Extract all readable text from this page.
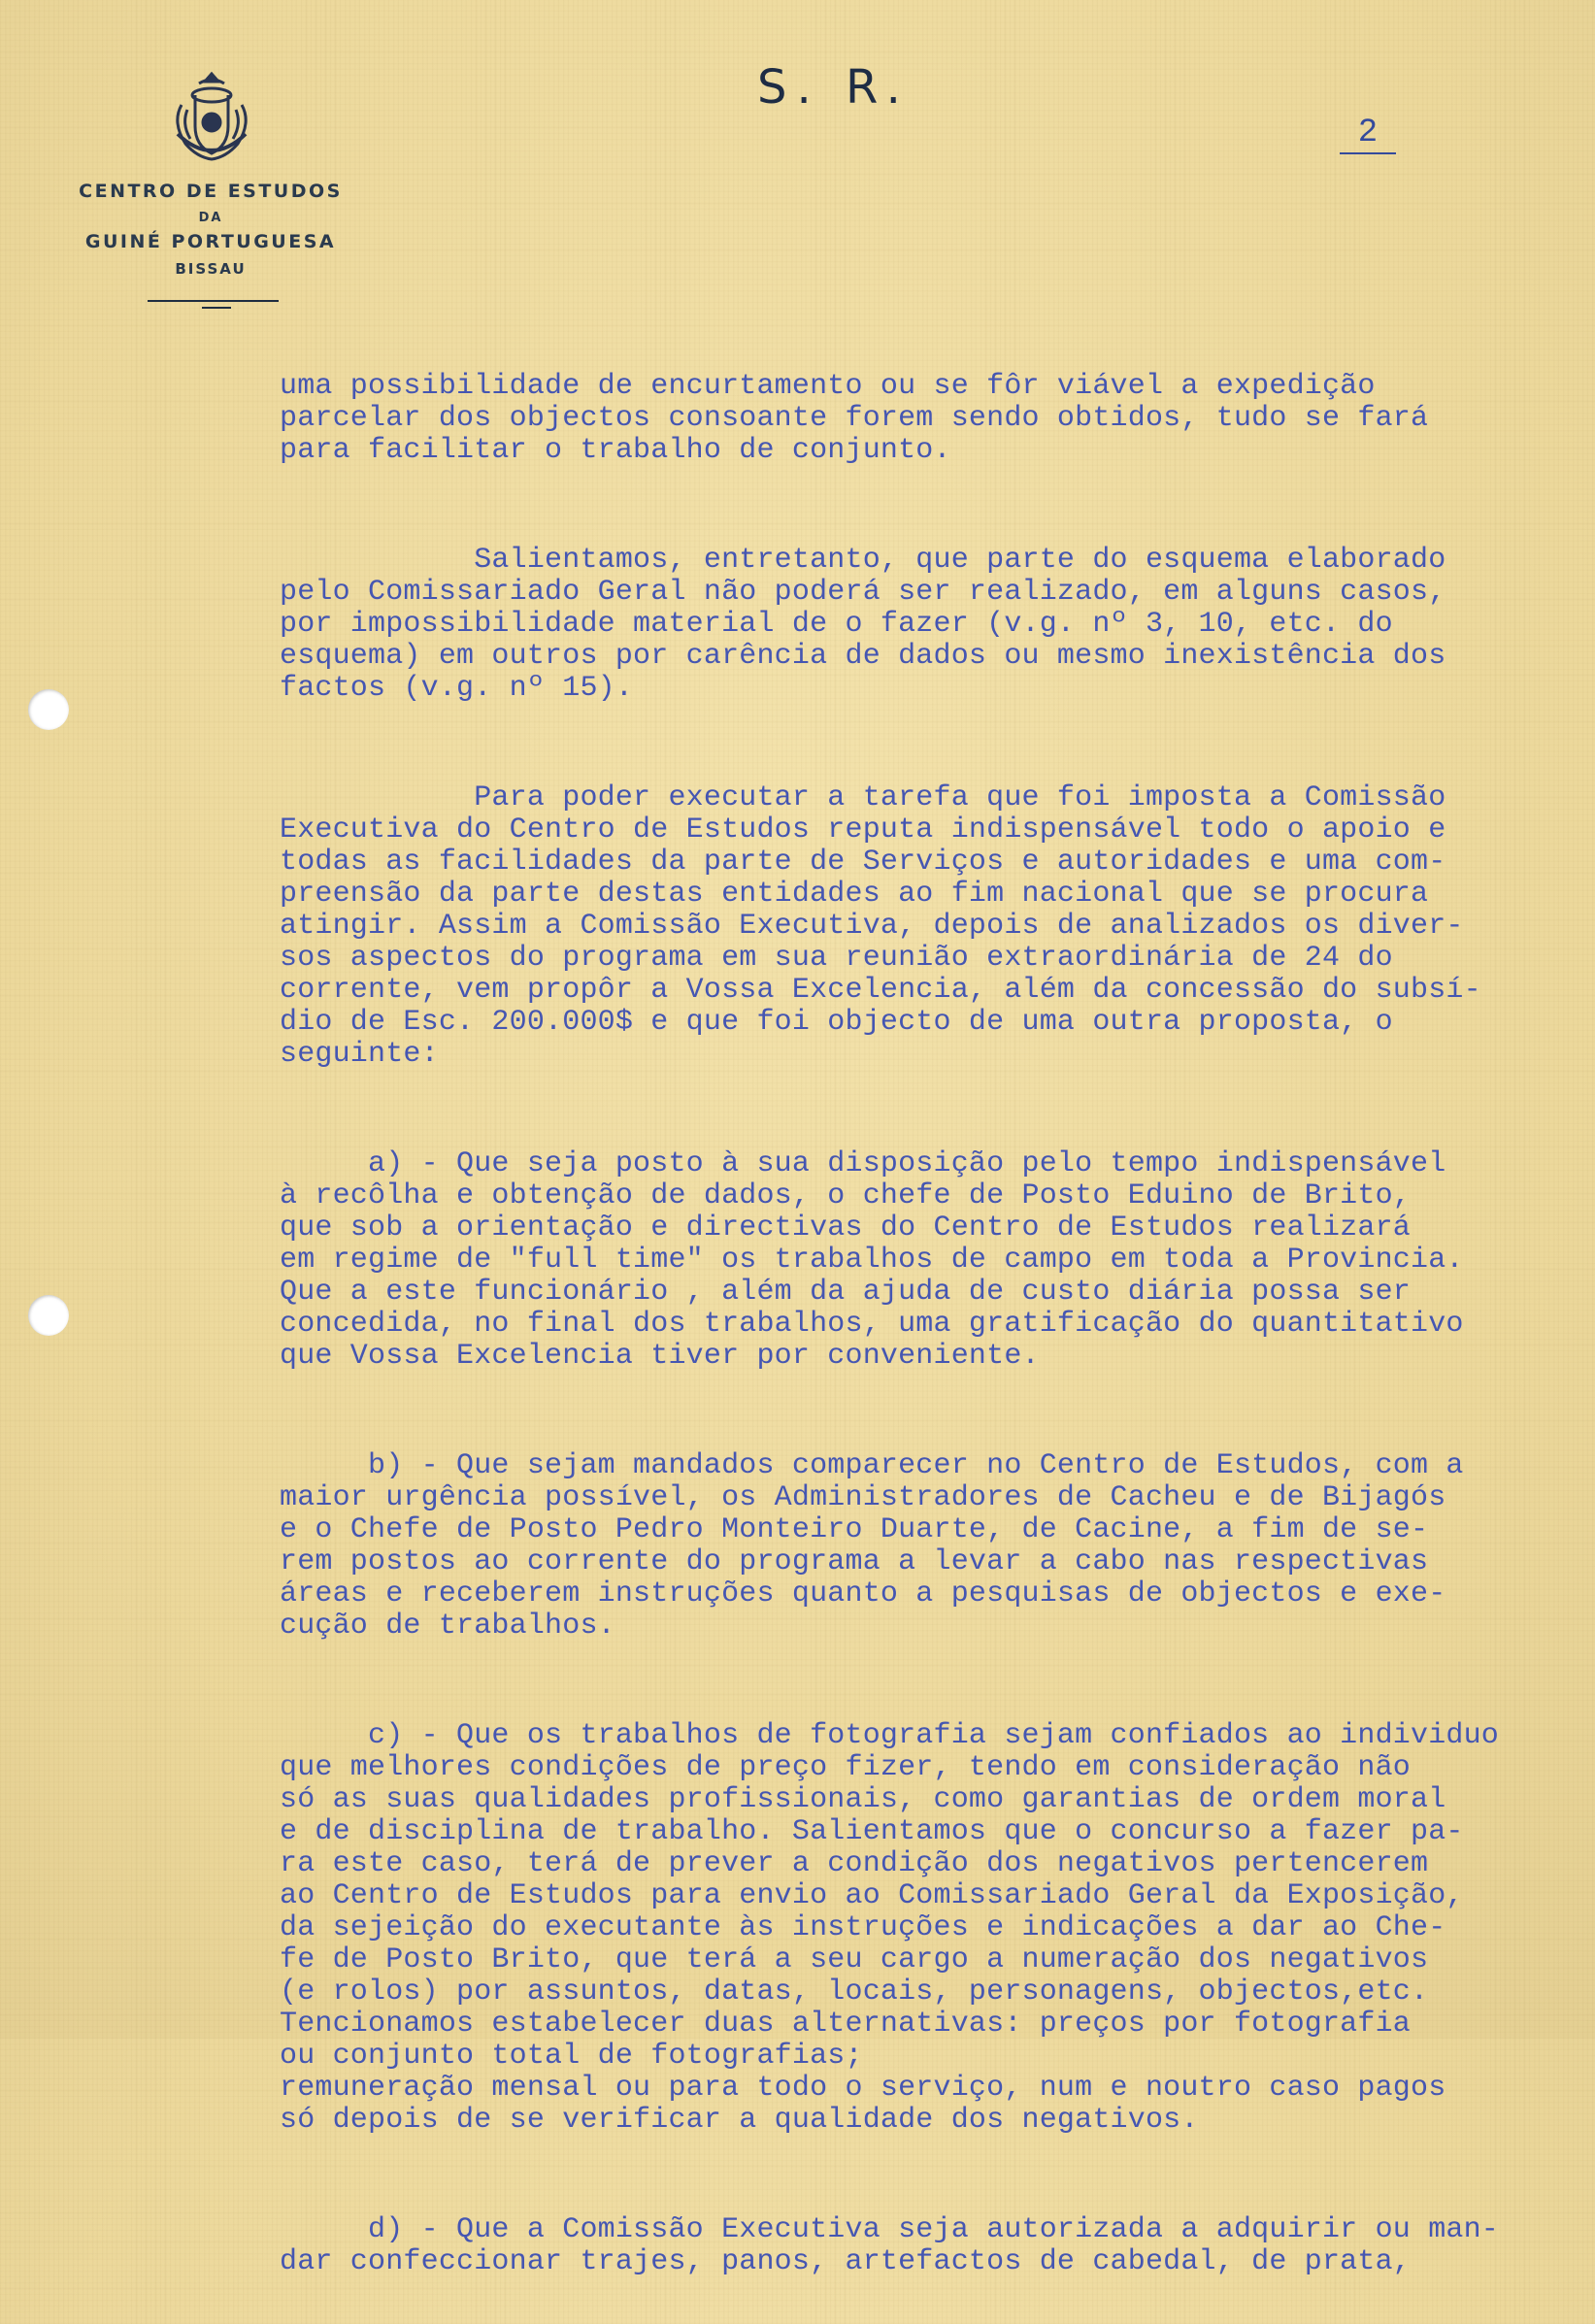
CENTRO DE ESTUDOS
DA
GUINÉ PORTUGUESA
BISSAU
S. R.
2

uma possibilidade de encurtamento ou se fôr viável a expedição
parcelar dos objectos consoante forem sendo obtidos, tudo se fará
para facilitar o trabalho de conjunto.

Salientamos, entretanto, que parte do esquema elaborado
pelo Comissariado Geral não poderá ser realizado, em alguns casos,
por impossibilidade material de o fazer (v.g. nº 3, 10, etc. do
esquema) em outros por carência de dados ou mesmo inexistência dos
factos (v.g. nº 15).

Para poder executar a tarefa que foi imposta a Comissão
Executiva do Centro de Estudos reputa indispensável todo o apoio e
todas as facilidades da parte de Serviços e autoridades e uma com-
preensão da parte destas entidades ao fim nacional que se procura
atingir. Assim a Comissão Executiva, depois de analizados os diver-
sos aspectos do programa em sua reunião extraordinária de 24 do
corrente, vem propôr a Vossa Excelencia, além da concessão do subsí-
dio de Esc. 200.000$ e que foi objecto de uma outra proposta, o
seguinte:

a) - Que seja posto à sua disposição pelo tempo indispensável
à recôlha e obtenção de dados, o chefe de Posto Eduino de Brito,
que sob a orientação e directivas do Centro de Estudos realizará
em regime de "full time" os trabalhos de campo em toda a Provincia.
Que a este funcionário , além da ajuda de custo diária possa ser
concedida, no final dos trabalhos, uma gratificação do quantitativo
que Vossa Excelencia tiver por conveniente.

b) - Que sejam mandados comparecer no Centro de Estudos, com a
maior urgência possível, os Administradores de Cacheu e de Bijagós
e o Chefe de Posto Pedro Monteiro Duarte, de Cacine, a fim de se-
rem postos ao corrente do programa a levar a cabo nas respectivas
áreas e receberem instruções quanto a pesquisas de objectos e exe-
cução de trabalhos.

c) - Que os trabalhos de fotografia sejam confiados ao individuo
que melhores condições de preço fizer, tendo em consideração não
só as suas qualidades profissionais, como garantias de ordem moral
e de disciplina de trabalho. Salientamos que o concurso a fazer pa-
ra este caso, terá de prever a condição dos negativos pertencerem
ao Centro de Estudos para envio ao Comissariado Geral da Exposição,
da sejeição do executante às instruções e indicações a dar ao Che-
fe de Posto Brito, que terá a seu cargo a numeração dos negativos
(e rolos) por assuntos, datas, locais, personagens, objectos,etc.
Tencionamos estabelecer duas alternativas: preços por fotografia
ou conjunto total de fotografias;
remuneração mensal ou para todo o serviço, num e noutro caso pagos
só depois de se verificar a qualidade dos negativos.

d) - Que a Comissão Executiva seja autorizada a adquirir ou man-
dar confeccionar trajes, panos, artefactos de cabedal, de prata,
